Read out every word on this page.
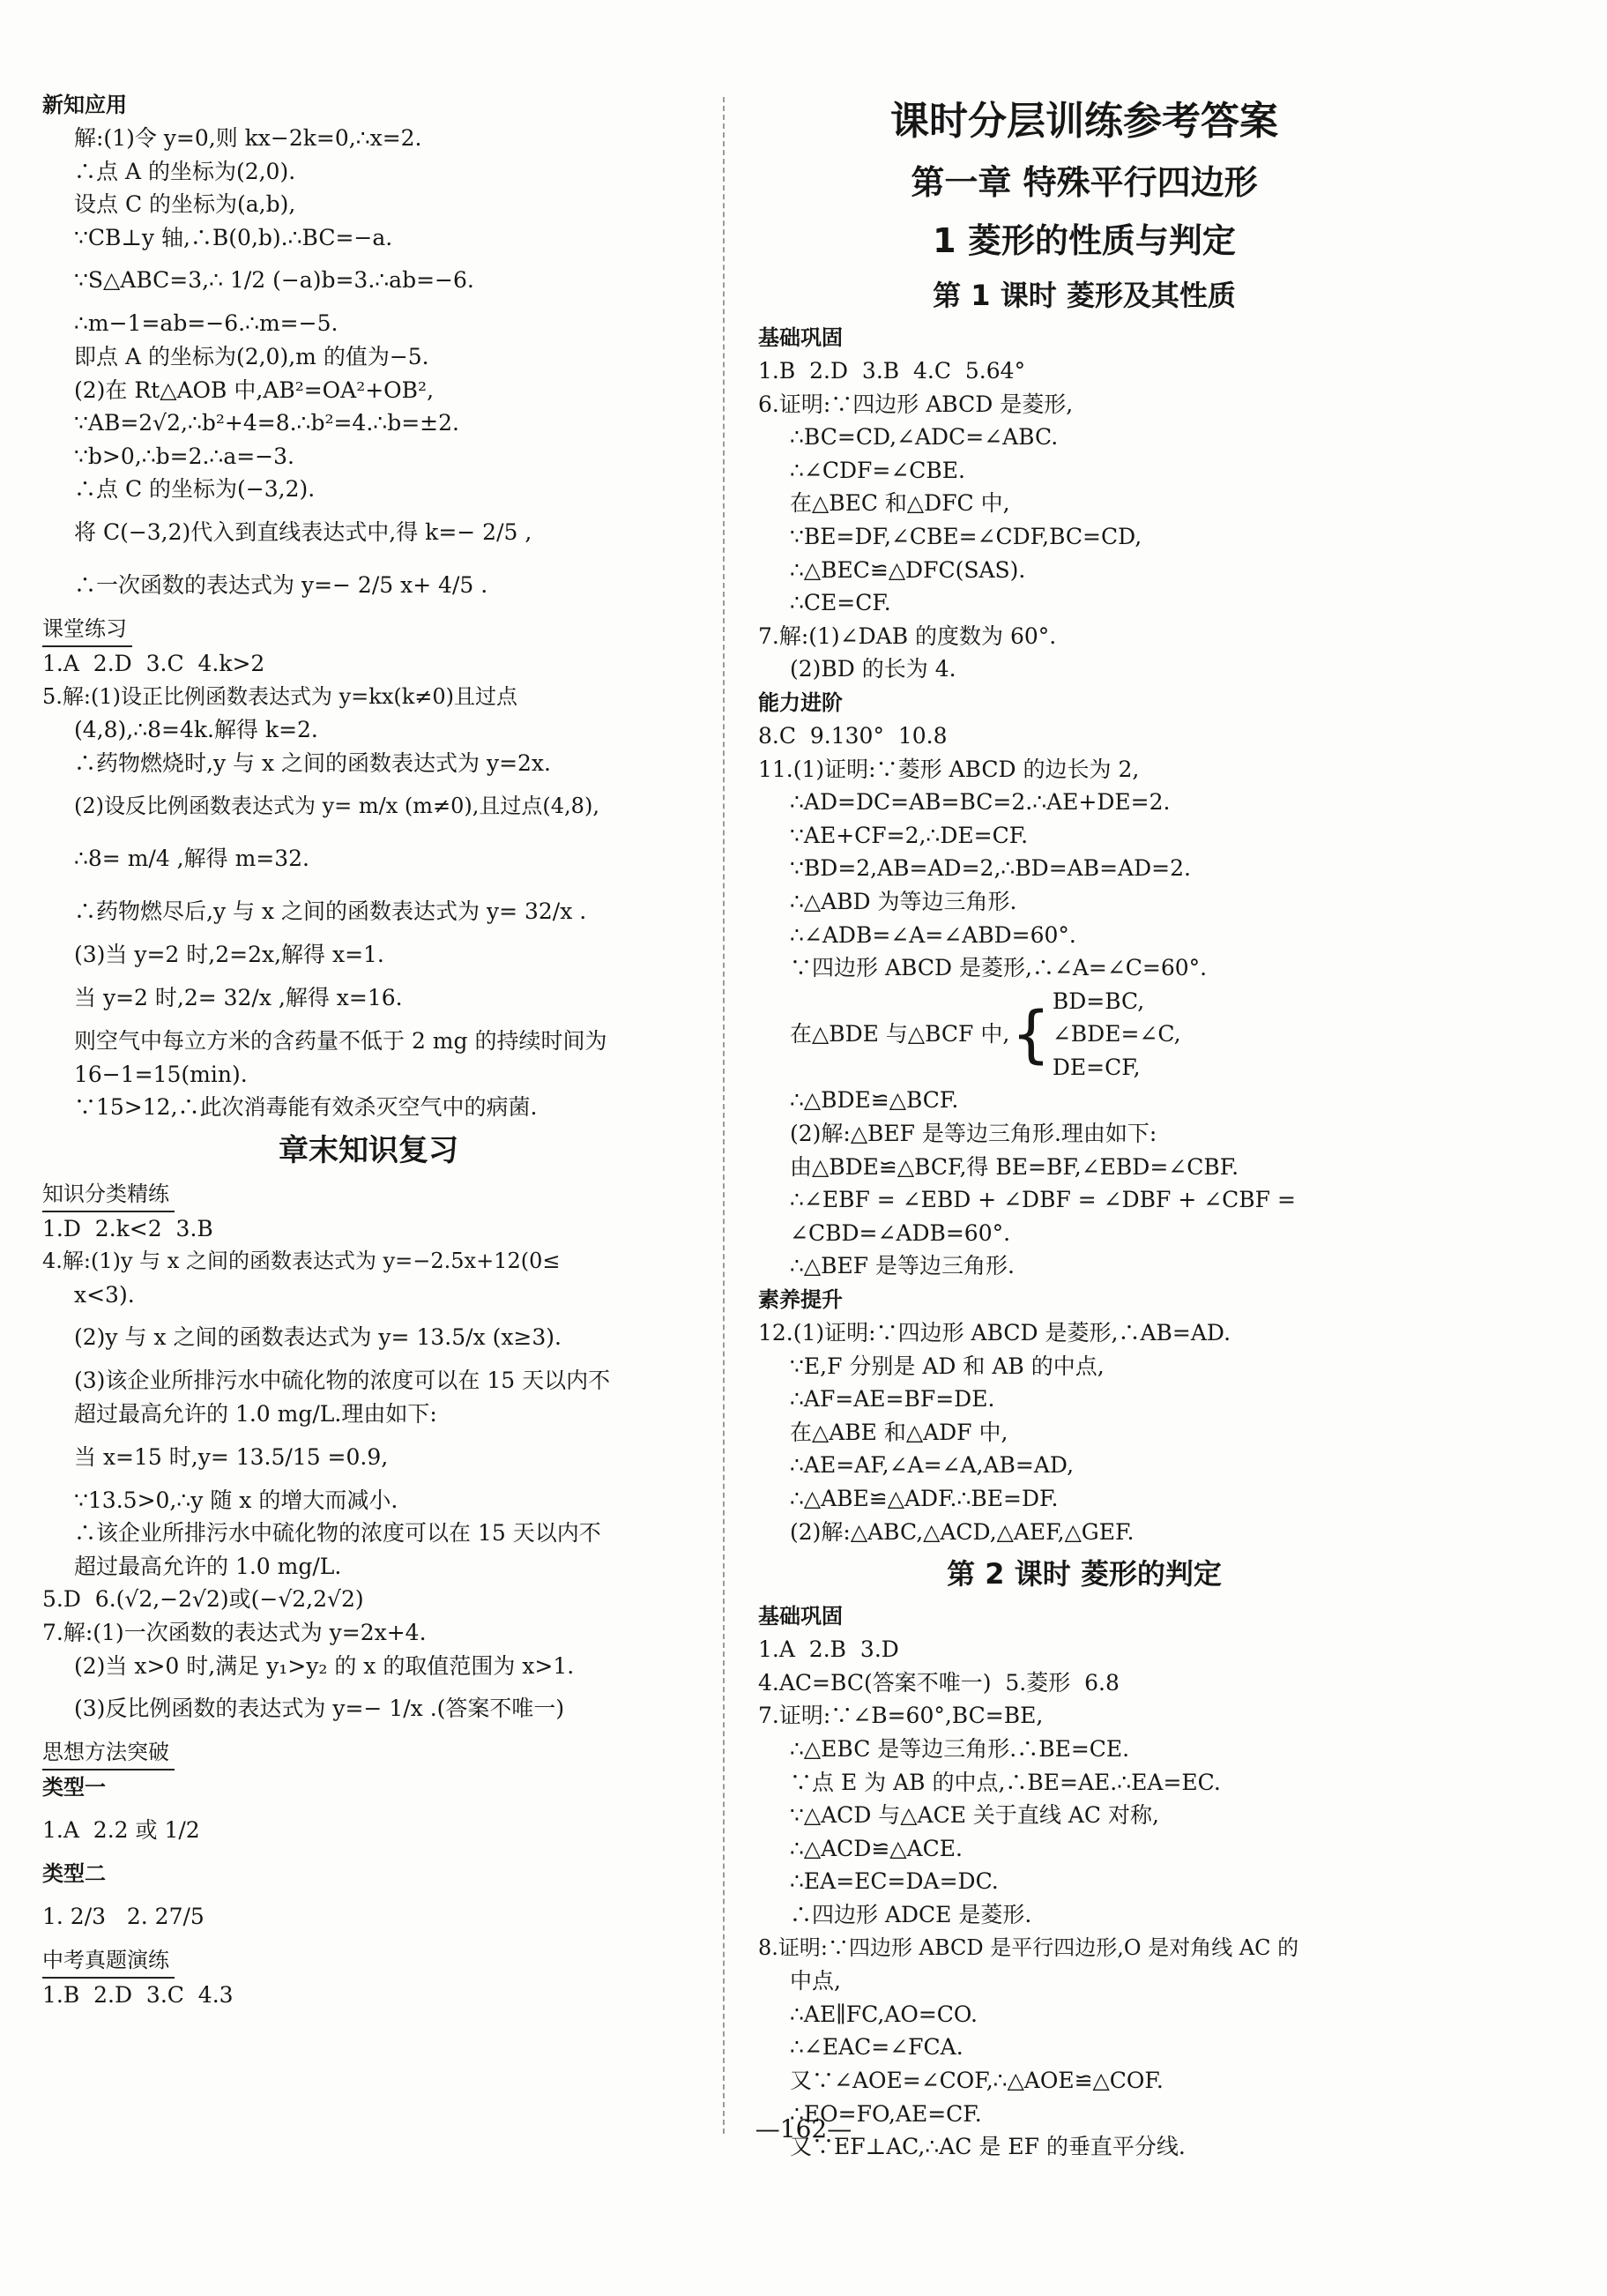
新知应用
解:(1)令 y=0,则 kx−2k=0,∴x=2.
∴点 A 的坐标为(2,0).
设点 C 的坐标为(a,b),
∵CB⊥y 轴,∴B(0,b).∴BC=−a.
∵S△ABC=3,∴ 1/2 (−a)b=3.∴ab=−6.
∴m−1=ab=−6.∴m=−5.
即点 A 的坐标为(2,0),m 的值为−5.
(2)在 Rt△AOB 中,AB²=OA²+OB²,
∵AB=2√2,∴b²+4=8.∴b²=4.∴b=±2.
∵b>0,∴b=2.∴a=−3.
∴点 C 的坐标为(−3,2).
将 C(−3,2)代入到直线表达式中,得 k=− 2/5 ,
∴一次函数的表达式为 y=− 2/5 x+ 4/5 .
课堂练习
1.A  2.D  3.C  4.k>2
5.解:(1)设正比例函数表达式为 y=kx(k≠0)且过点
(4,8),∴8=4k.解得 k=2.
∴药物燃烧时,y 与 x 之间的函数表达式为 y=2x.
(2)设反比例函数表达式为 y= m/x (m≠0),且过点(4,8),
∴8= m/4 ,解得 m=32.
∴药物燃尽后,y 与 x 之间的函数表达式为 y= 32/x .
(3)当 y=2 时,2=2x,解得 x=1.
当 y=2 时,2= 32/x ,解得 x=16.
则空气中每立方米的含药量不低于 2 mg 的持续时间为
16−1=15(min).
∵15>12,∴此次消毒能有效杀灭空气中的病菌.
章末知识复习
知识分类精练
1.D  2.k<2  3.B
4.解:(1)y 与 x 之间的函数表达式为 y=−2.5x+12(0≤
x<3).
(2)y 与 x 之间的函数表达式为 y= 13.5/x (x≥3).
(3)该企业所排污水中硫化物的浓度可以在 15 天以内不
超过最高允许的 1.0 mg/L.理由如下:
当 x=15 时,y= 13.5/15 =0.9,
∵13.5>0,∴y 随 x 的增大而减小.
∴该企业所排污水中硫化物的浓度可以在 15 天以内不
超过最高允许的 1.0 mg/L.
5.D  6.(√2,−2√2)或(−√2,2√2)
7.解:(1)一次函数的表达式为 y=2x+4.
(2)当 x>0 时,满足 y₁>y₂ 的 x 的取值范围为 x>1.
(3)反比例函数的表达式为 y=− 1/x .(答案不唯一)
思想方法突破
类型一
1.A  2.2 或 1/2
类型二
1. 2/3   2. 27/5
中考真题演练
1.B  2.D  3.C  4.3
课时分层训练参考答案
第一章 特殊平行四边形
1 菱形的性质与判定
第 1 课时 菱形及其性质
基础巩固
1.B  2.D  3.B  4.C  5.64°
6.证明:∵四边形 ABCD 是菱形,
∴BC=CD,∠ADC=∠ABC.
∴∠CDF=∠CBE.
在△BEC 和△DFC 中,
∵BE=DF,∠CBE=∠CDF,BC=CD,
∴△BEC≌△DFC(SAS).
∴CE=CF.
7.解:(1)∠DAB 的度数为 60°.
(2)BD 的长为 4.
能力进阶
8.C  9.130°  10.8
11.(1)证明:∵菱形 ABCD 的边长为 2,
∴AD=DC=AB=BC=2.∴AE+DE=2.
∵AE+CF=2,∴DE=CF.
∵BD=2,AB=AD=2,∴BD=AB=AD=2.
∴△ABD 为等边三角形.
∴∠ADB=∠A=∠ABD=60°.
∵四边形 ABCD 是菱形,∴∠A=∠C=60°.
在△BDE 与△BCF 中, { BD=BC,
∠BDE=∠C,
DE=CF,
∴△BDE≌△BCF.
(2)解:△BEF 是等边三角形.理由如下:
由△BDE≌△BCF,得 BE=BF,∠EBD=∠CBF.
∴∠EBF = ∠EBD + ∠DBF = ∠DBF + ∠CBF =
∠CBD=∠ADB=60°.
∴△BEF 是等边三角形.
素养提升
12.(1)证明:∵四边形 ABCD 是菱形,∴AB=AD.
∵E,F 分别是 AD 和 AB 的中点,
∴AF=AE=BF=DE.
在△ABE 和△ADF 中,
∴AE=AF,∠A=∠A,AB=AD,
∴△ABE≌△ADF.∴BE=DF.
(2)解:△ABC,△ACD,△AEF,△GEF.
第 2 课时 菱形的判定
基础巩固
1.A  2.B  3.D
4.AC=BC(答案不唯一)  5.菱形  6.8
7.证明:∵∠B=60°,BC=BE,
∴△EBC 是等边三角形.∴BE=CE.
∵点 E 为 AB 的中点,∴BE=AE.∴EA=EC.
∵△ACD 与△ACE 关于直线 AC 对称,
∴△ACD≌△ACE.
∴EA=EC=DA=DC.
∴四边形 ADCE 是菱形.
8.证明:∵四边形 ABCD 是平行四边形,O 是对角线 AC 的
中点,
∴AE∥FC,AO=CO.
∴∠EAC=∠FCA.
又∵∠AOE=∠COF,∴△AOE≌△COF.
∴EO=FO,AE=CF.
又∵EF⊥AC,∴AC 是 EF 的垂直平分线.
—162—
